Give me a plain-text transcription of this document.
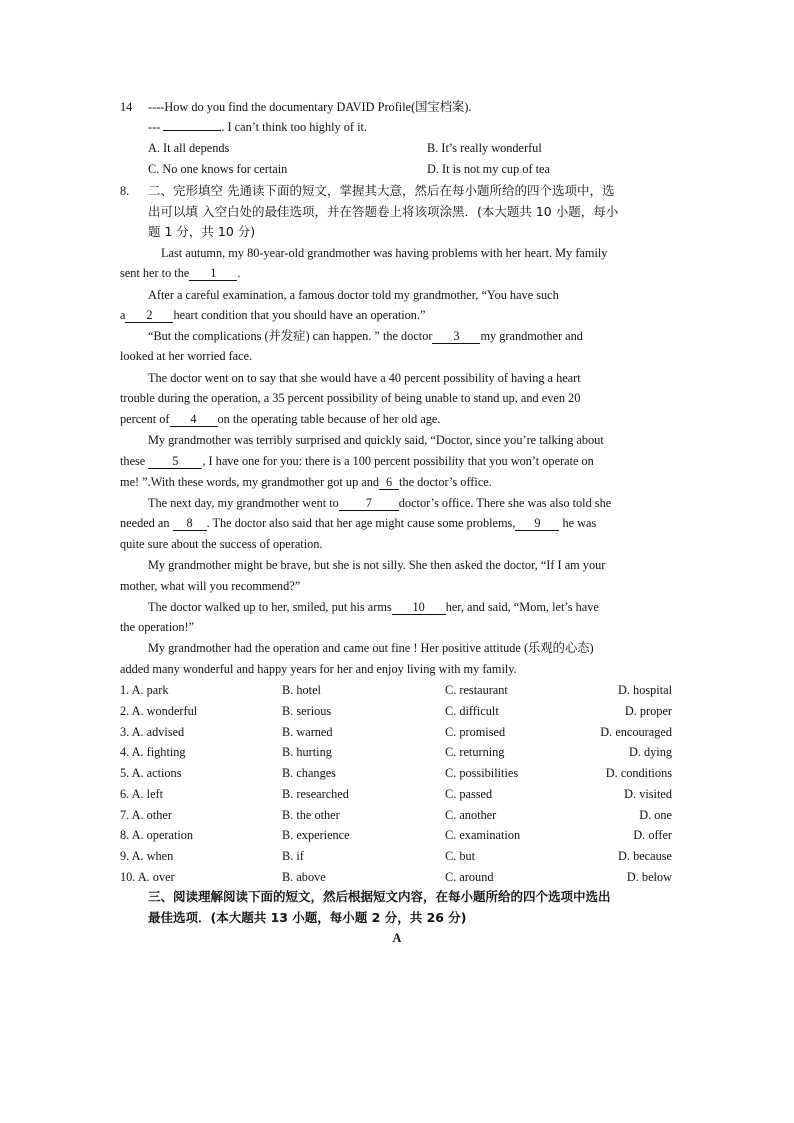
14 ----How do you find the documentary DAVID Profile(国宝档案).
---	. I can’t think too highly of it.
A. It all depends	B. It’s really wonderful
C. No one knows for certain	D. It is not my cup of tea
8. 二、完形填空 先通读下面的短文，掌握其大意，然后在每小题所给的四个选项中，选
出可以填 入空白处的最佳选项，并在答题卷上将该项涂黑．(本大题共 10 小题，每小
题 1 分，共 10 分)
Last autumn, my 80-year-old grandmother was having problems with her heart. My family
sent her to the 1 .
After a careful examination, a famous doctor told my grandmother, “You have such
a 2 heart condition that you should have an operation.”
“But the complications (并发症) can happen. ” the doctor 3 my grandmother and
looked at her worried face.
The doctor went on to say that she would have a 40 percent possibility of having a heart
trouble during the operation, a 35 percent possibility of being unable to stand up, and even 20
percent of 4 on the operating table because of her old age.
My grandmother was terribly surprised and quickly said, “Doctor, since you’re talking about
these 5 , I have one for you: there is a 100 percent possibility that you won’t operate on
me! ”.With these words, my grandmother got up and 6 the doctor’s office.
The next day, my grandmother went to 7 doctor’s office. There she was also told she
needed an 8 . The doctor also said that her age might cause some problems, 9 he was
quite sure about the success of operation.
My grandmother might be brave, but she is not silly. She then asked the doctor, “If I am your
mother, what will you recommend?”
The doctor walked up to her, smiled, put his arms 10 her, and said, “Mom, let’s have
the operation!”
My grandmother had the operation and came out fine ! Her positive attitude (乐观的心态)
added many wonderful and happy years for her and enjoy living with my family.
1. A. park	B. hotel	C. restaurant	D. hospital
2. A. wonderful	B. serious	C. difficult	D. proper
3. A. advised	B. warned	C. promised	D. encouraged
4. A. fighting	B. hurting	C. returning	D. dying
5. A. actions	B. changes	C. possibilities	D. conditions
6. A. left	B. researched	C. passed	D. visited
7. A. other	B. the other	C. another	D. one
8. A. operation	B. experience	C. examination	D. offer
9. A. when	B. if	C. but	D. because
10. A. over	B. above	C. around	D. below
三、阅读理解阅读下面的短文，然后根据短文内容，在每小题所给的四个选项中选出
最佳选项．(本大题共 13 小题，每小题 2 分，共 26 分)
A
